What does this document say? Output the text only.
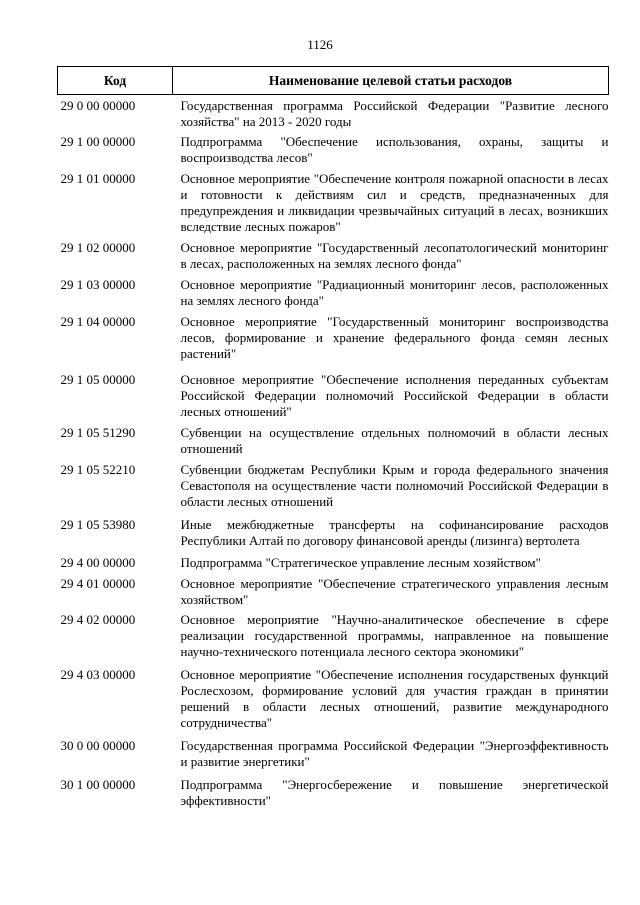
1126
Код	Наименование целевой статьи расходов
29 0 00 00000	Государственная программа Российской Федерации "Развитие лесного хозяйства" на 2013 - 2020 годы
29 1 00 00000	Подпрограмма "Обеспечение использования, охраны, защиты и воспроизводства лесов"
29 1 01 00000	Основное мероприятие "Обеспечение контроля пожарной опасности в лесах и готовности к действиям сил и средств, предназначенных для предупреждения и ликвидации чрезвычайных ситуаций в лесах, возникших вследствие лесных пожаров"
29 1 02 00000	Основное мероприятие "Государственный лесопатологический мониторинг в лесах, расположенных на землях лесного фонда"
29 1 03 00000	Основное мероприятие "Радиационный мониторинг лесов, расположенных на землях лесного фонда"
29 1 04 00000	Основное мероприятие "Государственный мониторинг воспроизводства лесов, формирование и хранение федерального фонда семян лесных растений"
29 1 05 00000	Основное мероприятие "Обеспечение исполнения переданных субъектам Российской Федерации полномочий Российской Федерации в области лесных отношений"
29 1 05 51290	Субвенции на осуществление отдельных полномочий в области лесных отношений
29 1 05 52210	Субвенции бюджетам Республики Крым и города федерального значения Севастополя на осуществление части полномочий Российской Федерации в области лесных отношений
29 1 05 53980	Иные межбюджетные трансферты на софинансирование расходов Республики Алтай по договору финансовой аренды (лизинга) вертолета
29 4 00 00000	Подпрограмма "Стратегическое управление лесным хозяйством"
29 4 01 00000	Основное мероприятие "Обеспечение стратегического управления лесным хозяйством"
29 4 02 00000	Основное мероприятие "Научно-аналитическое обеспечение в сфере реализации государственной программы, направленное на повышение научно-технического потенциала лесного сектора экономики"
29 4 03 00000	Основное мероприятие "Обеспечение исполнения государственых функций Рослесхозом, формирование условий для участия граждан в принятии решений в области лесных отношений, развитие международного сотрудничества"
30 0 00 00000	Государственная программа Российской Федерации "Энергоэффективность и развитие энергетики"
30 1 00 00000	Подпрограмма "Энергосбережение и повышение энергетической эффективности"
